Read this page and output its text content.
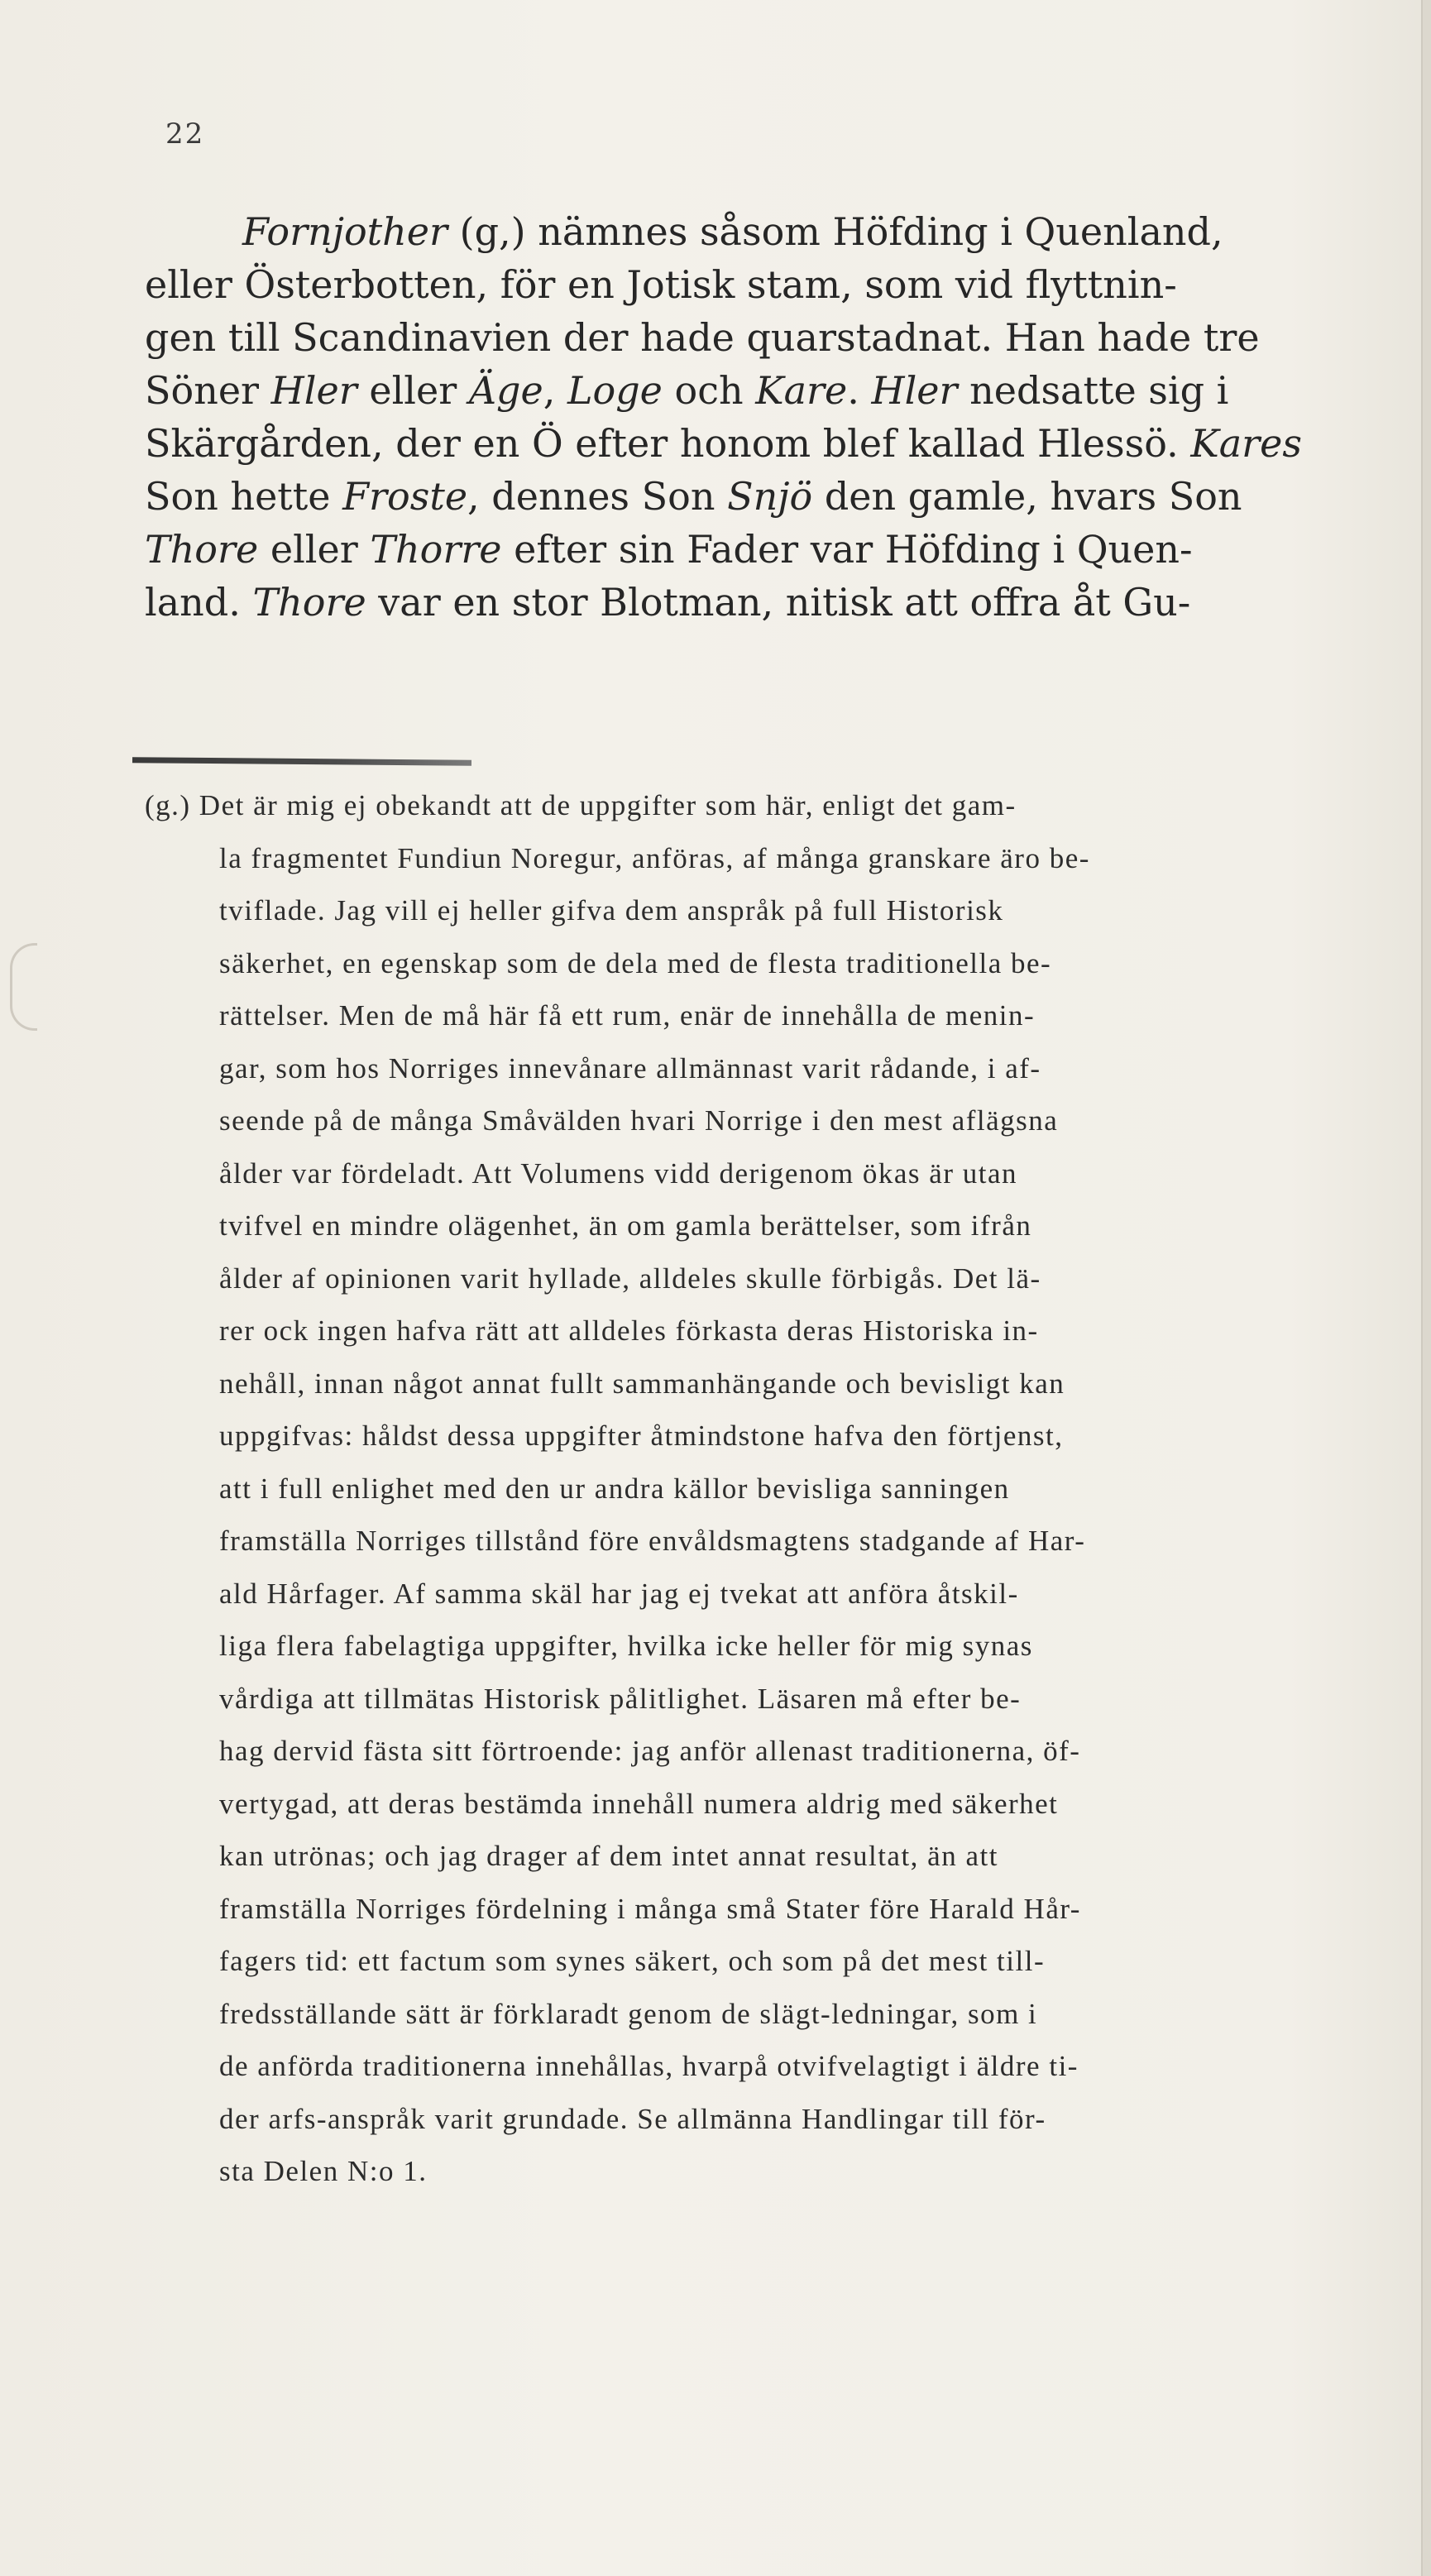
22
Fornjother (g,) nämnes såsom Höfding i Quenland,
eller Österbotten, för en Jotisk stam, som vid flyttnin-
gen till Scandinavien der hade quarstadnat. Han hade tre
Söner Hler eller Äge, Loge och Kare. Hler nedsatte sig i
Skärgården, der en Ö efter honom blef kallad Hlessö. Kares
Son hette Froste, dennes Son Snjö den gamle, hvars Son
Thore eller Thorre efter sin Fader var Höfding i Quen-
land. Thore var en stor Blotman, nitisk att offra åt Gu-
(g.) Det är mig ej obekandt att de uppgifter som här, enligt det gam-
la fragmentet Fundiun Noregur, anföras, af många granskare äro be-
tviflade. Jag vill ej heller gifva dem anspråk på full Historisk
säkerhet, en egenskap som de dela med de flesta traditionella be-
rättelser. Men de må här få ett rum, enär de innehålla de menin-
gar, som hos Norriges innevånare allmännast varit rådande, i af-
seende på de många Småvälden hvari Norrige i den mest aflägsna
ålder var fördeladt. Att Volumens vidd derigenom ökas är utan
tvifvel en mindre olägenhet, än om gamla berättelser, som ifrån
ålder af opinionen varit hyllade, alldeles skulle förbigås. Det lä-
rer ock ingen hafva rätt att alldeles förkasta deras Historiska in-
nehåll, innan något annat fullt sammanhängande och bevisligt kan
uppgifvas: håldst dessa uppgifter åtmindstone hafva den förtjenst,
att i full enlighet med den ur andra källor bevisliga sanningen
framställa Norriges tillstånd före envåldsmagtens stadgande af Har-
ald Hårfager. Af samma skäl har jag ej tvekat att anföra åtskil-
liga flera fabelagtiga uppgifter, hvilka icke heller för mig synas
vårdiga att tillmätas Historisk pålitlighet. Läsaren må efter be-
hag dervid fästa sitt förtroende: jag anför allenast traditionerna, öf-
vertygad, att deras bestämda innehåll numera aldrig med säkerhet
kan utrönas; och jag drager af dem intet annat resultat, än att
framställa Norriges fördelning i många små Stater före Harald Hår-
fagers tid: ett factum som synes säkert, och som på det mest till-
fredsställande sätt är förklaradt genom de slägt-ledningar, som i
de anförda traditionerna innehållas, hvarpå otvifvelagtigt i äldre ti-
der arfs-anspråk varit grundade. Se allmänna Handlingar till för-
sta Delen N:o 1.
